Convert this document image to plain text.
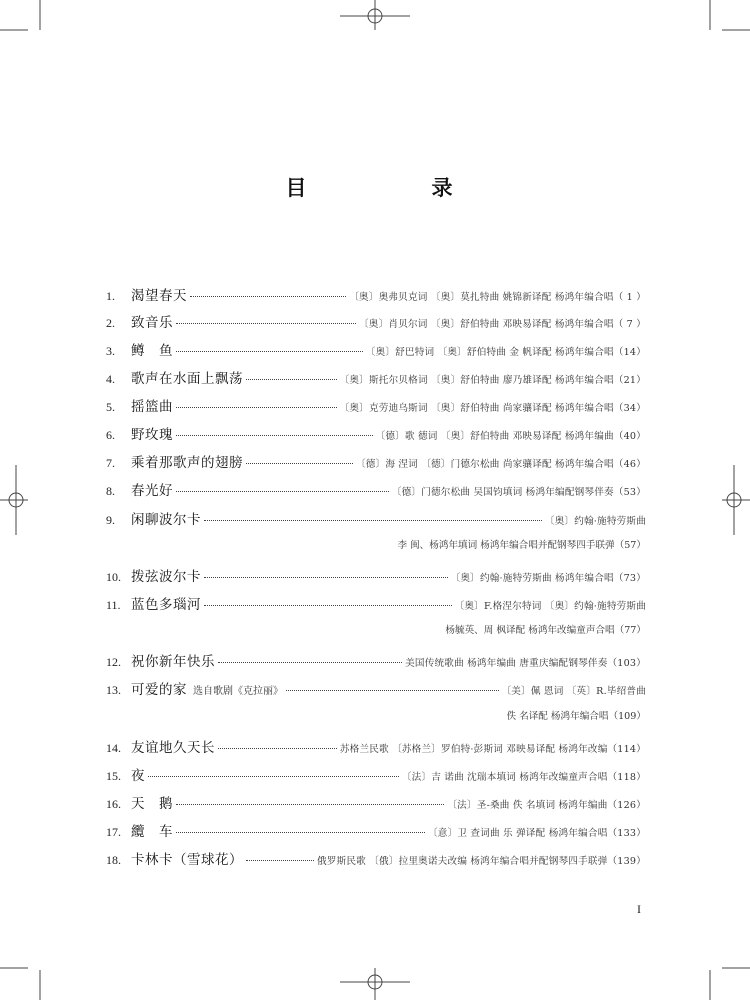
目　录
1.	渴望春天	〔奥〕奥弗贝克词 〔奥〕莫扎特曲 姚锦新译配 杨鸿年编合唱（ 1 ）
2.	致音乐	〔奥〕肖贝尔词 〔奥〕舒伯特曲 邓映易译配 杨鸿年编合唱（ 7 ）
3.	鳟　鱼	〔奥〕舒巴特词 〔奥〕舒伯特曲 金 帆译配 杨鸿年编合唱（14）
4.	歌声在水面上飘荡	〔奥〕斯托尔贝格词 〔奥〕舒伯特曲 廖乃雄译配 杨鸿年编合唱（21）
5.	摇篮曲	〔奥〕克劳迪乌斯词 〔奥〕舒伯特曲 尚家骧译配 杨鸿年编合唱（34）
6.	野玫瑰	〔德〕歌 德词 〔奥〕舒伯特曲 邓映易译配 杨鸿年编曲（40）
7.	乘着那歌声的翅膀	〔德〕海 涅词 〔德〕门德尔松曲 尚家骧译配 杨鸿年编合唱（46）
8.	春光好	〔德〕门德尔松曲 吴国钧填词 杨鸿年编配钢琴伴奏（53）
9.	闲聊波尔卡	〔奥〕约翰·施特劳斯曲
李 闽、杨鸿年填词 杨鸿年编合唱并配钢琴四手联弹（57）
10. 拨弦波尔卡	〔奥〕约翰·施特劳斯曲 杨鸿年编合唱（73）
11. 蓝色多瑙河	〔奥〕F.格涅尔特词 〔奥〕约翰·施特劳斯曲
杨毓英、周 枫译配 杨鸿年改编童声合唱（77）
12. 祝你新年快乐	美国传统歌曲 杨鸿年编曲 唐重庆编配钢琴伴奏（103）
13. 可爱的家 选自歌剧《克拉丽》	〔美〕佩 恩词 〔英〕R.毕绍普曲
佚 名译配 杨鸿年编合唱（109）
14. 友谊地久天长	苏格兰民歌 〔苏格兰〕罗伯特·彭斯词 邓映易译配 杨鸿年改编（114）
15. 夜	〔法〕吉 诺曲 沈瑞本填词 杨鸿年改编童声合唱（118）
16. 天　鹅	〔法〕圣-桑曲 佚 名填词 杨鸿年编曲（126）
17. 纜　车	〔意〕卫 查词曲 乐 弹译配 杨鸿年编合唱（133）
18. 卡林卡（雪球花）	俄罗斯民歌 〔俄〕拉里奥诺夫改编 杨鸿年编合唱并配钢琴四手联弹（139）
I
